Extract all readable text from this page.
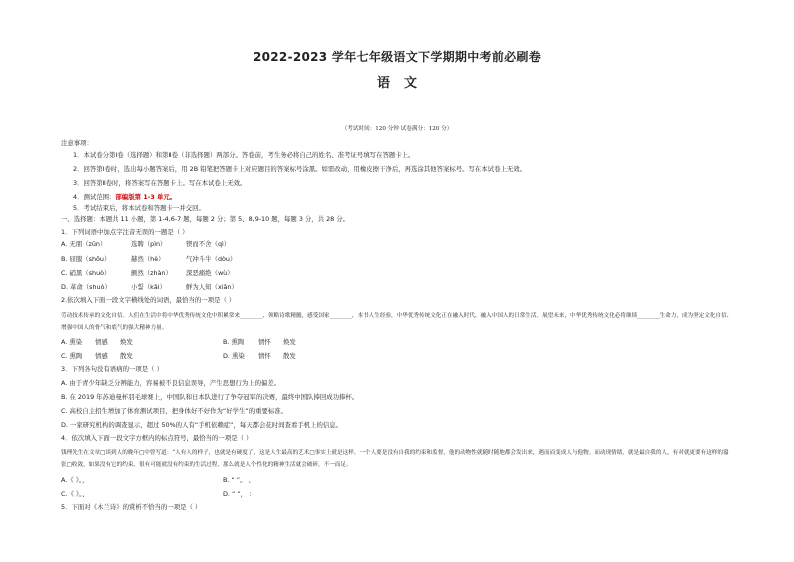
2022-2023 学年七年级语文下学期期中考前必刷卷
语文
（考试时间：120 分钟 试卷满分：120 分）
注意事项：
1．本试卷分第Ⅰ卷（选择题）和第Ⅱ卷（非选择题）两部分。答卷前，考生务必将自己的姓名、准考证号填写在答题卡上。
2．回答第Ⅰ卷时，选出每小题答案后，用 2B 铅笔把答题卡上对应题目的答案标号涂黑。如需改动，用橡皮擦干净后，再选涂其他答案标号。写在本试卷上无效。
3．回答第Ⅱ卷时，将答案写在答题卡上。写在本试卷上无效。
4．测试范围：部编版第 1-3 单元。
5．考试结束后，将本试卷和答题卡一并交回。
一、选择题：本题共 11 小题，第 1-4,6-7 题，每题 2 分；第 5、8,9-10 题，每题 3 分，共 28 分。
1．下列词语中加点字注音无误的一题是（ ）
A. 无朋（zūn）	选聘（pìn）	锲而不舍（qì）
B. 屈服（shǒu）	赫然（hè）	气冲斗牛（dòu）
C. 硝黑（shuò）	颤然（zhàn） 深恶痛绝（wù）
D. 革命（shuò）	小誓（kǎi）	鲜为人知（xiǎn）
2.依次填入下面一段文字横线处的词语，最恰当的一项是（ ）
劳动技术传承的文化自信。人们在生活中将中华优秀传统文化中积累常来________，领略诗歌精髓，感受国家________，本书人生经验，中华优秀传统文化正在融入时代、融入中国人的日常生活。展望未来，中华优秀传统文化必将继续________生命力，成为坚定文化自信、增强中国人的骨气和底气的强大精神力量。
A. 熏染 情感 焕发	B. 熏陶 情怀 焕发
C. 熏陶 情感 散发	D. 熏染 情怀 散发
3．下列各句没有语病的一项是（ ）
A. 由于青少年缺乏分辨能力，容易被不良信息误导，产生思想行为上的偏差。
B. 在 2019 年苏迪曼杯羽毛球赛上，中国队和日本队进行了争夺冠军的决赛，最终中国队捧回成功捧杯。
C. 高校自主招生增加了体育测试项目，把身体好不好作为“好学生”的重要标准。
D. 一家研究机构的调查显示，超过 50%的人有“手机依赖症”，每天都会花时间查看手机上的信息。
4．依次填入下面一段文字方框内的标点符号，最恰当的一项是（ ）
钱理先生在文章□谈到人的晚年□中曾写道：“人有人的样子，也就是有硬度了，这是人生最高的艺术□事实上就是这样。一个人要是没有自我的约束和监督，他的动物性就随时随地都会发出来，遇而而变成人与他物。而动现情绪，就是最自我的人，有对就更要有这样的嚣张□收敛，如果没有它的约束，很有可能就没有约束的生活过程，那么就是人个性化的精神生活就会破碎，不一而足。
A.《 》。，	B. “ ”。 、
C.《 》。、	D. “ ”， ：
5．下面对《木兰诗》的赏析不恰当的一项是（ ）
